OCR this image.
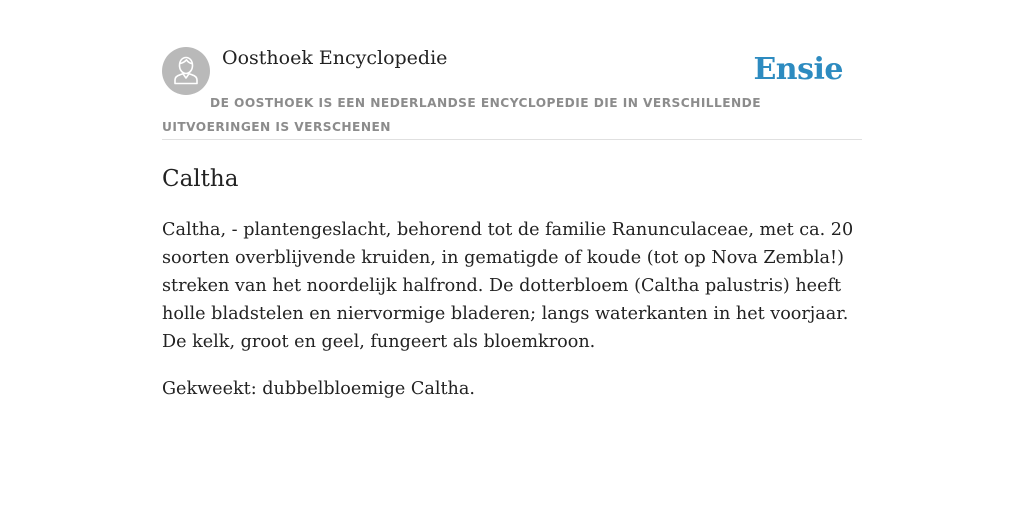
Oosthoek Encyclopedie	Ensie
DE OOSTHOEK IS EEN NEDERLANDSE ENCYCLOPEDIE DIE IN VERSCHILLENDE UITVOERINGEN IS VERSCHENEN
Caltha

Caltha, - plantengeslacht, behorend tot de familie Ranunculaceae, met ca. 20 soorten overblijvende kruiden, in gematigde of koude (tot op Nova Zembla!) streken van het noordelijk halfrond. De dotterbloem (Caltha palustris) heeft holle bladstelen en niervormige bladeren; langs waterkanten in het voorjaar. De kelk, groot en geel, fungeert als bloemkroon.

Gekweekt: dubbelbloemige Caltha.
